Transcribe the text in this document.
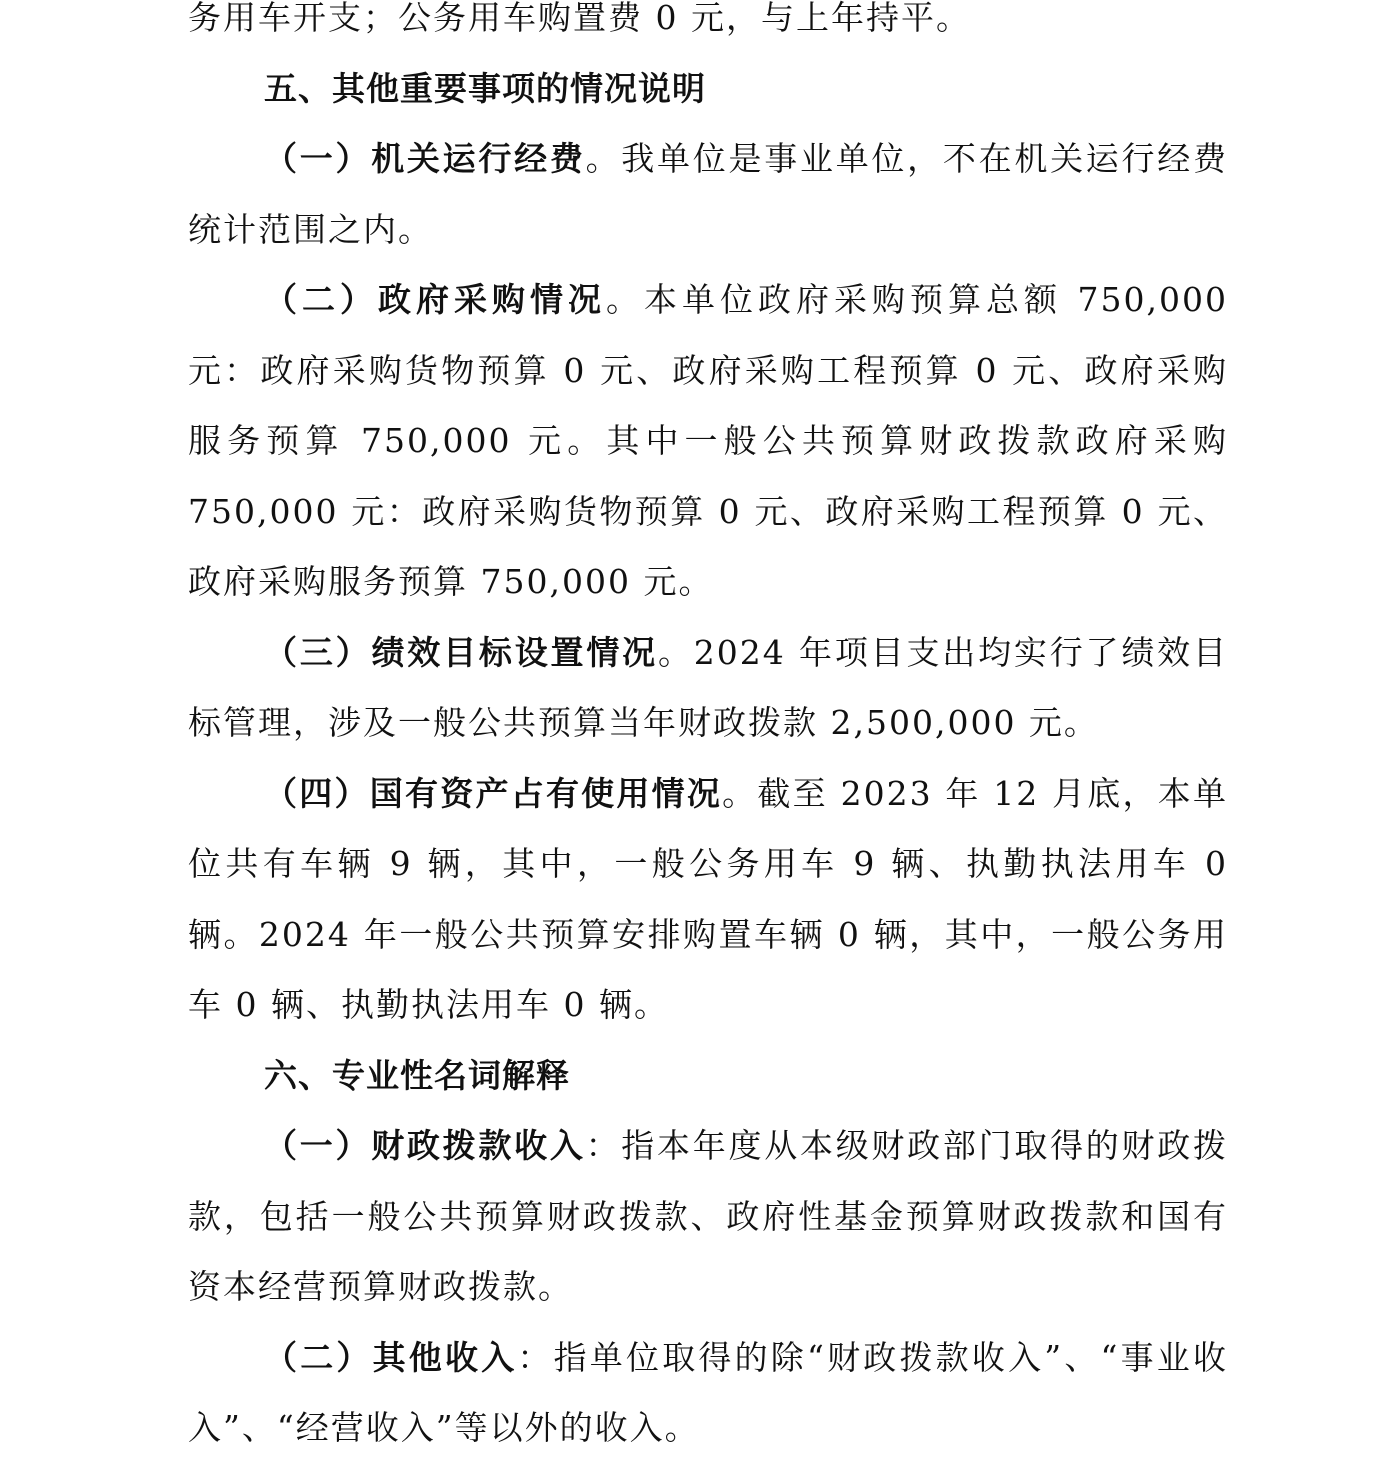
务用车开支；公务用车购置费 0 元，与上年持平。

五、其他重要事项的情况说明

（一）机关运行经费。我单位是事业单位，不在机关运行经费统计范围之内。

（二）政府采购情况。本单位政府采购预算总额 750,000 元：政府采购货物预算 0 元、政府采购工程预算 0 元、政府采购服务预算 750,000 元。其中一般公共预算财政拨款政府采购 750,000 元：政府采购货物预算 0 元、政府采购工程预算 0 元、政府采购服务预算 750,000 元。

（三）绩效目标设置情况。2024 年项目支出均实行了绩效目标管理，涉及一般公共预算当年财政拨款 2,500,000 元。

（四）国有资产占有使用情况。截至 2023 年 12 月底，本单位共有车辆 9 辆，其中，一般公务用车 9 辆、执勤执法用车 0 辆。2024 年一般公共预算安排购置车辆 0 辆，其中，一般公务用车 0 辆、执勤执法用车 0 辆。

六、专业性名词解释

（一）财政拨款收入：指本年度从本级财政部门取得的财政拨款，包括一般公共预算财政拨款、政府性基金预算财政拨款和国有资本经营预算财政拨款。

（二）其他收入：指单位取得的除“财政拨款收入”、“事业收入”、“经营收入”等以外的收入。
